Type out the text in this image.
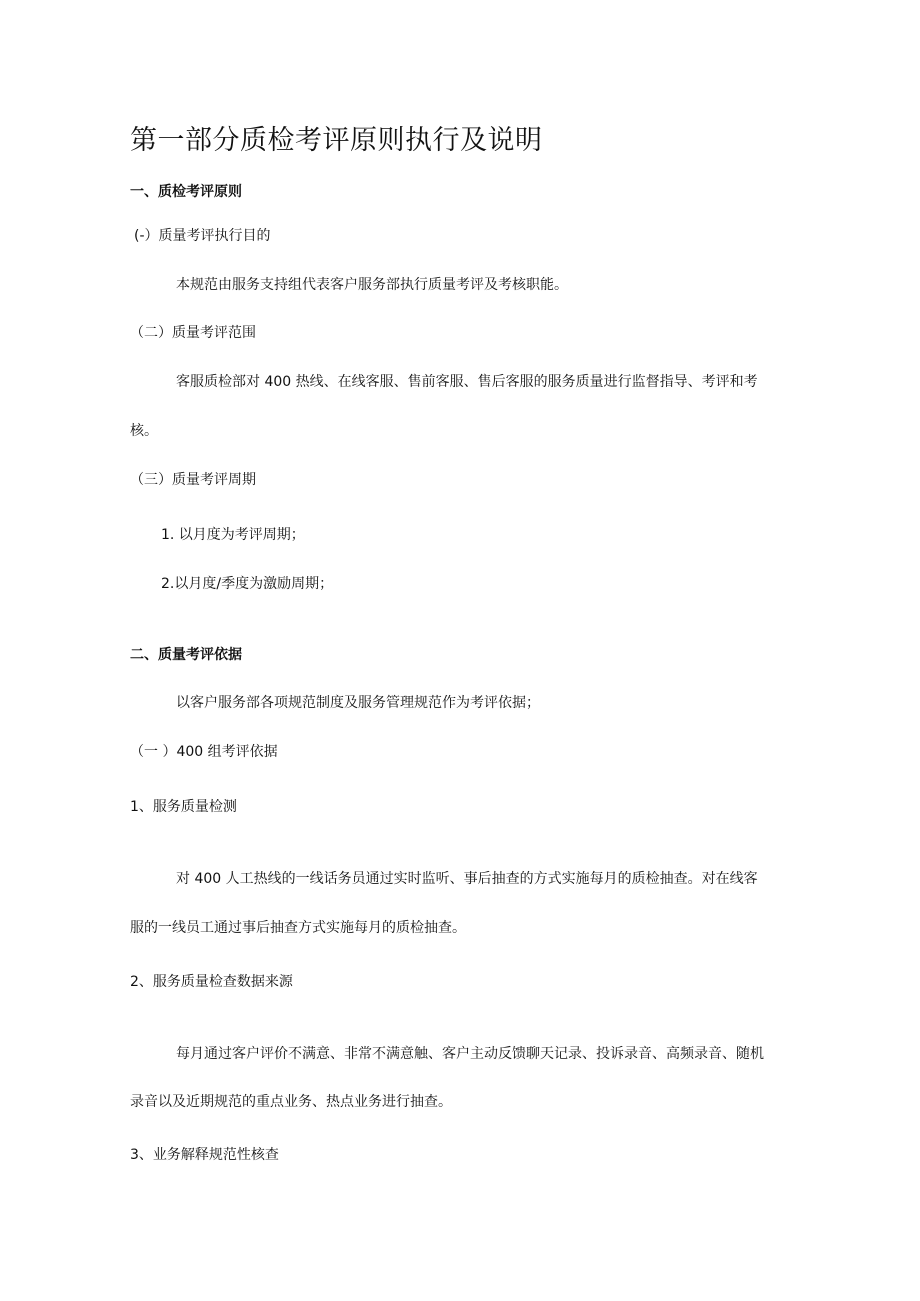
第一部分质检考评原则执行及说明
一、质检考评原则
(-）质量考评执行目的
本规范由服务支持组代表客户服务部执行质量考评及考核职能。
（二）质量考评范围
客服质检部对 400 热线、在线客服、售前客服、售后客服的服务质量进行监督指导、考评和考
核。
（三）质量考评周期
1. 以月度为考评周期；
2.以月度/季度为激励周期；
二、质量考评依据
以客户服务部各项规范制度及服务管理规范作为考评依据；
（一 ）400 组考评依据
1、服务质量检测
对 400 人工热线的一线话务员通过实时监听、事后抽查的方式实施每月的质检抽查。对在线客
服的一线员工通过事后抽查方式实施每月的质检抽查。
2、服务质量检查数据来源
每月通过客户评价不满意、非常不满意触、客户主动反馈聊天记录、投诉录音、高频录音、随机
录音以及近期规范的重点业务、热点业务进行抽查。
3、业务解释规范性核查
